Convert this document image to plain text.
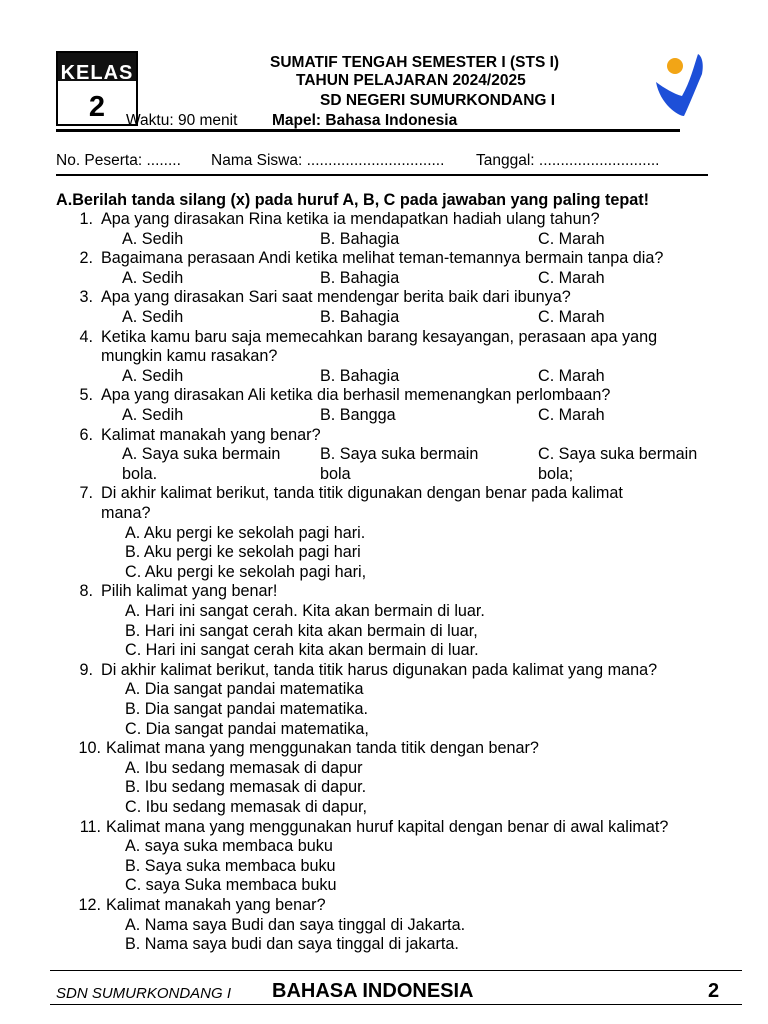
KELAS
2
SUMATIF TENGAH SEMESTER I (STS I)
TAHUN PELAJARAN 2024/2025
SD NEGERI SUMURKONDANG I
Waktu: 90 menit Mapel: Bahasa Indonesia
No. Peserta: ........ Nama Siswa: ................................ Tanggal: ............................
A.Berilah tanda silang (x) pada huruf A, B, C pada jawaban yang paling tepat!
1. Apa yang dirasakan Rina ketika ia mendapatkan hadiah ulang tahun?
A. Sedih	B. Bahagia	C. Marah
2. Bagaimana perasaan Andi ketika melihat teman-temannya bermain tanpa dia?
A. Sedih	B. Bahagia	C. Marah
3. Apa yang dirasakan Sari saat mendengar berita baik dari ibunya?
A. Sedih	B. Bahagia	C. Marah
4. Ketika kamu baru saja memecahkan barang kesayangan, perasaan apa yang
mungkin kamu rasakan?
A. Sedih	B. Bahagia	C. Marah
5. Apa yang dirasakan Ali ketika dia berhasil memenangkan perlombaan?
A. Sedih	B. Bangga	C. Marah
6. Kalimat manakah yang benar?
A. Saya suka bermain
bola.
B. Saya suka bermain
bola
C. Saya suka bermain
bola;
7. Di akhir kalimat berikut, tanda titik digunakan dengan benar pada kalimat
mana?
A. Aku pergi ke sekolah pagi hari.
B. Aku pergi ke sekolah pagi hari
C. Aku pergi ke sekolah pagi hari,
8. Pilih kalimat yang benar!
A. Hari ini sangat cerah. Kita akan bermain di luar.
B. Hari ini sangat cerah kita akan bermain di luar,
C. Hari ini sangat cerah kita akan bermain di luar.
9. Di akhir kalimat berikut, tanda titik harus digunakan pada kalimat yang mana?
A. Dia sangat pandai matematika
B. Dia sangat pandai matematika.
C. Dia sangat pandai matematika,
10. Kalimat mana yang menggunakan tanda titik dengan benar?
A. Ibu sedang memasak di dapur
B. Ibu sedang memasak di dapur.
C. Ibu sedang memasak di dapur,
11. Kalimat mana yang menggunakan huruf kapital dengan benar di awal kalimat?
A. saya suka membaca buku
B. Saya suka membaca buku
C. saya Suka membaca buku
12. Kalimat manakah yang benar?
A. Nama saya Budi dan saya tinggal di Jakarta.
B. Nama saya budi dan saya tinggal di jakarta.
SDN SUMURKONDANG I BAHASA INDONESIA	2
